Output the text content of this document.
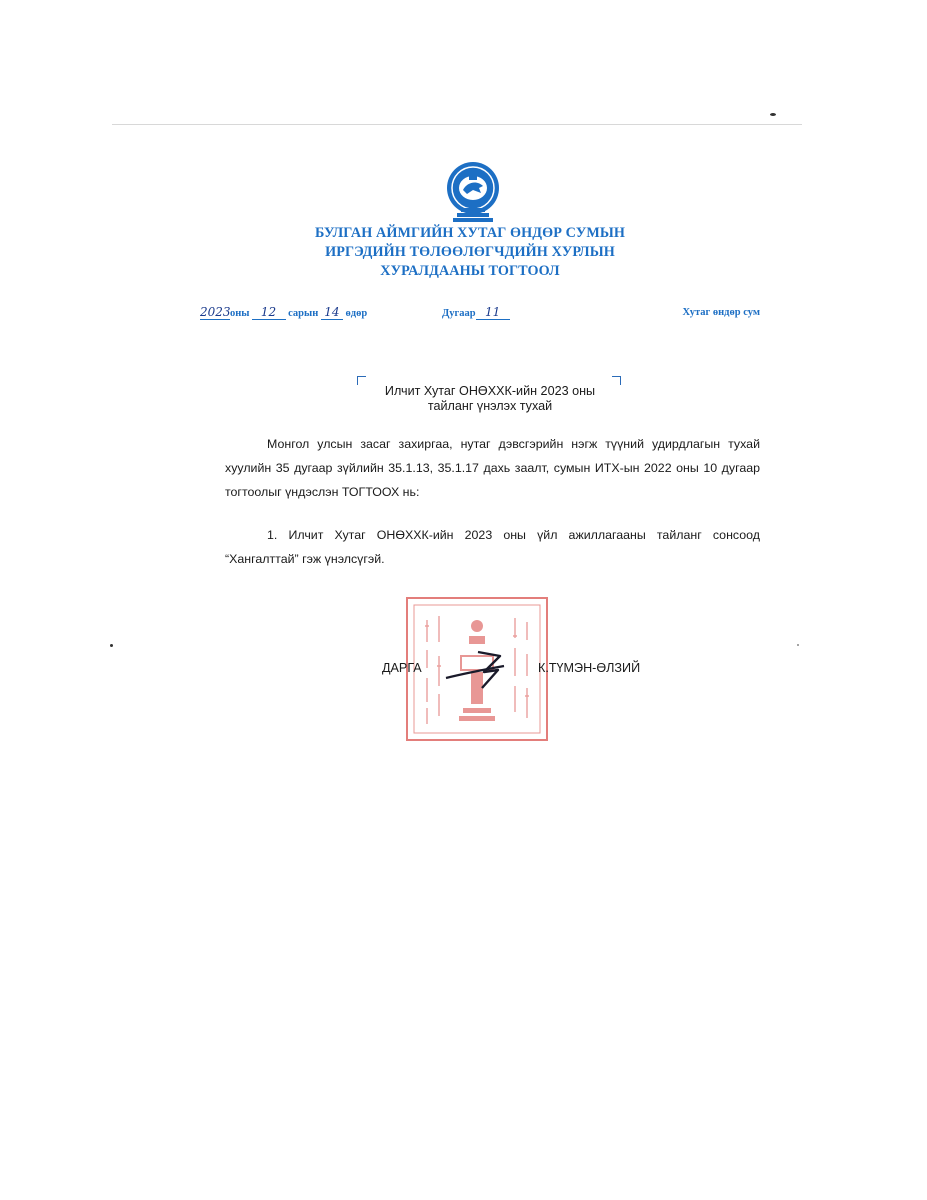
БУЛГАН АЙМГИЙН ХУТАГ ӨНДӨР СУМЫН
ИРГЭДИЙН ТӨЛӨӨЛӨГЧДИЙН ХУРЛЫН
ХУРАЛДААНЫ ТОГТООЛ
2023оны 12 сарын 14 өдөр	Дугаар 11	Хутаг өндөр сум
Илчит Хутаг ОНӨХХК-ийн 2023 оны
тайланг үнэлэх тухай
Монгол улсын засаг захиргаа, нутаг дэвсгэрийн нэгж түүний удирдлагын тухай хуулийн 35 дугаар зүйлийн 35.1.13, 35.1.17 дахь заалт, сумын ИТХ-ын 2022 оны 10 дугаар тогтоолыг үндэслэн ТОГТООХ нь:
1. Илчит Хутаг ОНӨХХК-ийн 2023 оны үйл ажиллагааны тайланг сонсоод “Хангалттай” гэж үнэлсүгэй.
ДАРГА	К.ТҮМЭН-ӨЛЗИЙ
